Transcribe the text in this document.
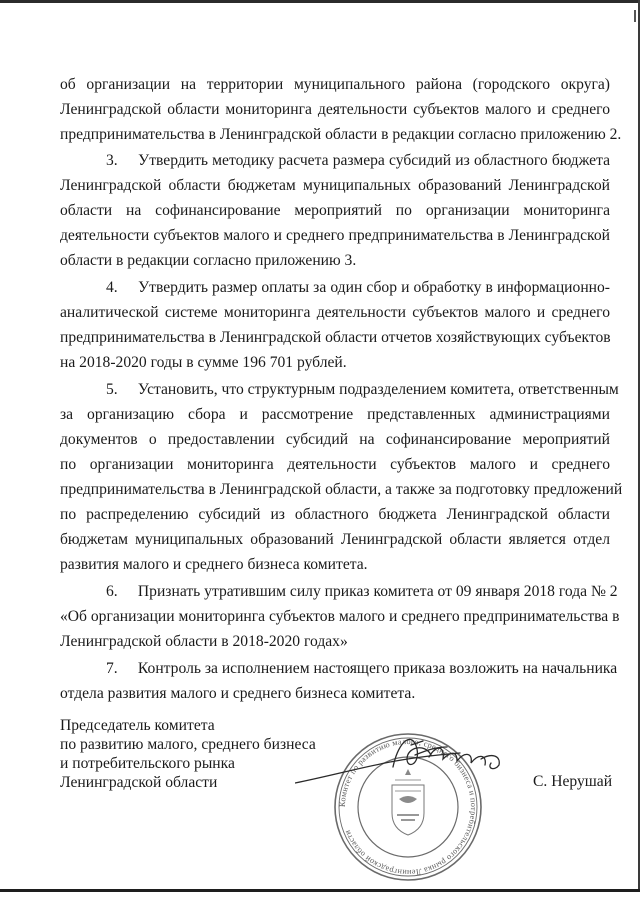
об организации на территории муниципального района (городского округа)
Ленинградской области мониторинга деятельности субъектов малого и среднего
предпринимательства в Ленинградской области в редакции согласно приложению 2.
3. Утвердить методику расчета размера субсидий из областного бюджета
Ленинградской области бюджетам муниципальных образований Ленинградской
области на софинансирование мероприятий по организации мониторинга
деятельности субъектов малого и среднего предпринимательства в Ленинградской
области в редакции согласно приложению 3.
4. Утвердить размер оплаты за один сбор и обработку в информационно-
аналитической системе мониторинга деятельности субъектов малого и среднего
предпринимательства в Ленинградской области отчетов хозяйствующих субъектов
на 2018-2020 годы в сумме 196 701 рублей.
5. Установить, что структурным подразделением комитета, ответственным
за организацию сбора и рассмотрение представленных администрациями
документов о предоставлении субсидий на софинансирование мероприятий
по организации мониторинга деятельности субъектов малого и среднего
предпринимательства в Ленинградской области, а также за подготовку предложений
по распределению субсидий из областного бюджета Ленинградской области
бюджетам муниципальных образований Ленинградской области является отдел
развития малого и среднего бизнеса комитета.
6. Признать утратившим силу приказ комитета от 09 января 2018 года № 2
«Об организации мониторинга субъектов малого и среднего предпринимательства в
Ленинградской области в 2018-2020 годах»
7. Контроль за исполнением настоящего приказа возложить на начальника
отдела развития малого и среднего бизнеса комитета.
Председатель комитета
по развитию малого, среднего бизнеса
и потребительского рынка
Ленинградской области	С. Нерушай
Комитет по развитию малого, среднего бизнеса и потребительского рынка Ленинградской области
